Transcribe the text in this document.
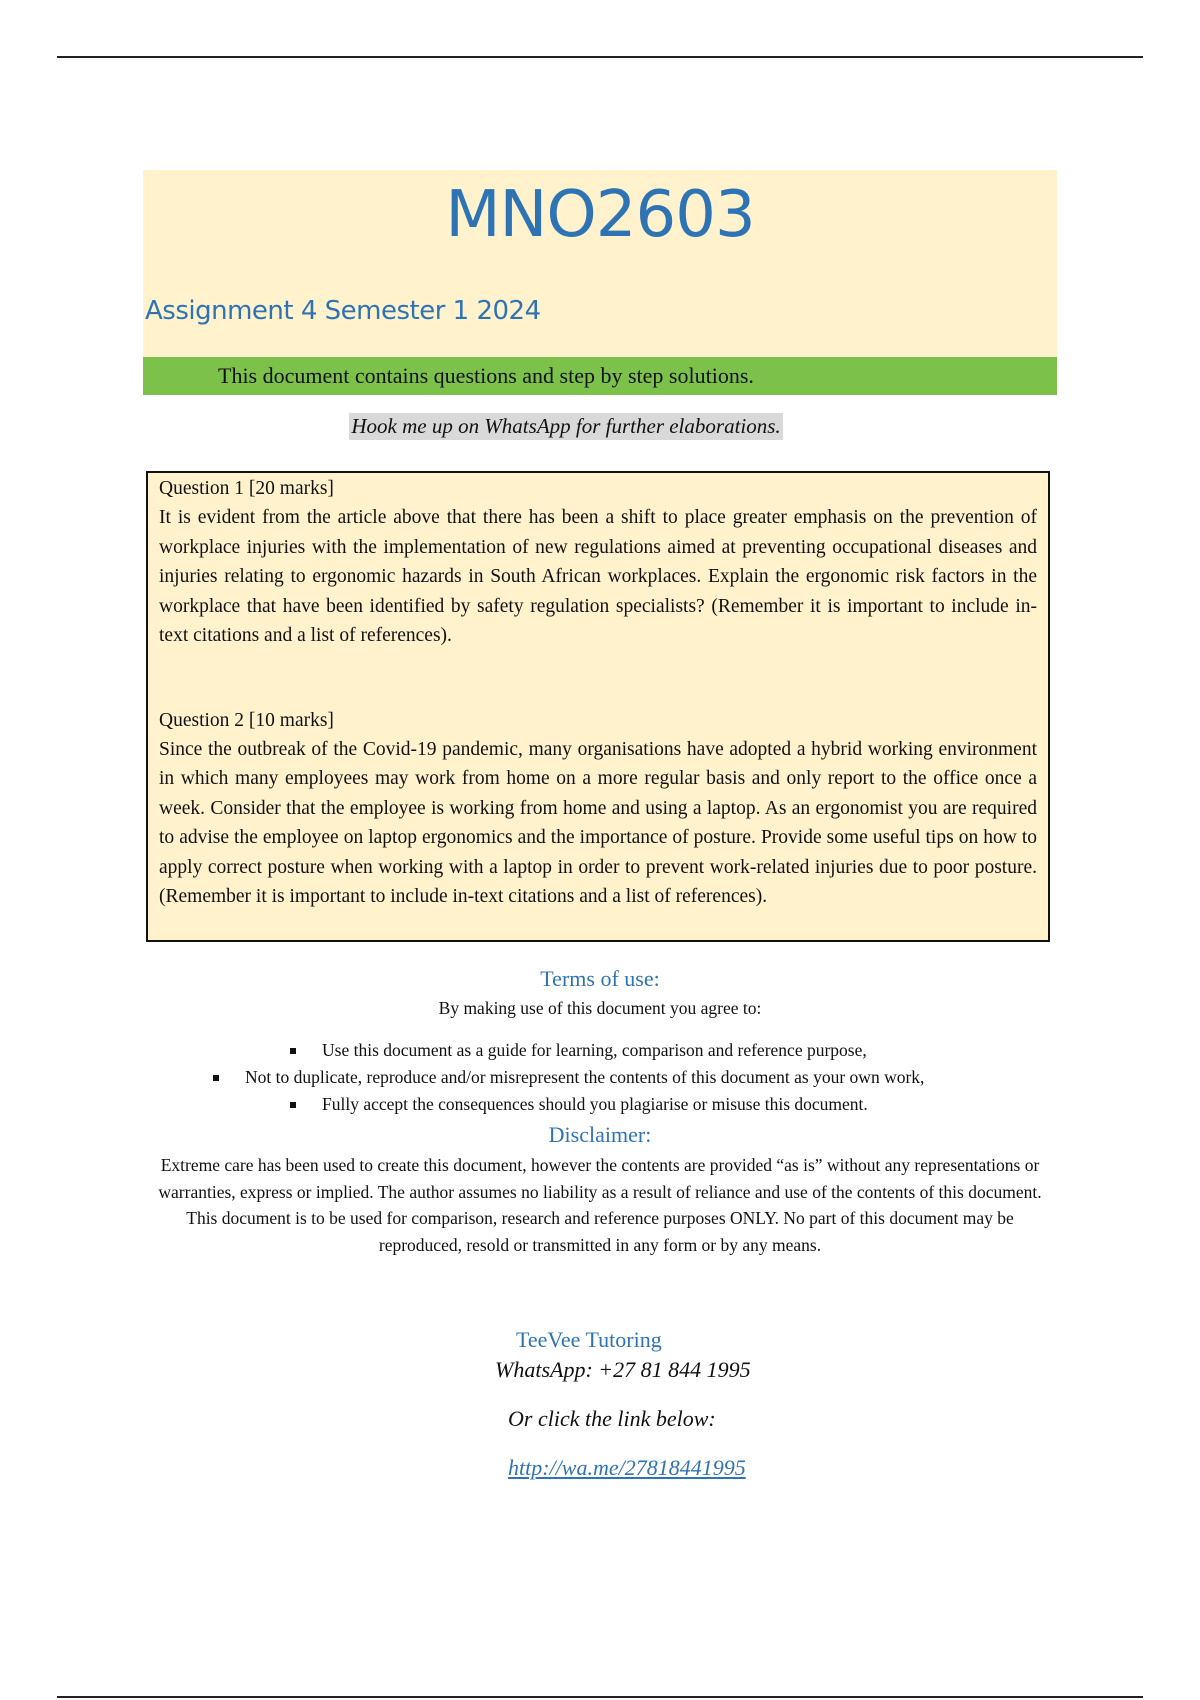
MNO2603
Assignment 4 Semester 1 2024
This document contains questions and step by step solutions.
Hook me up on WhatsApp for further elaborations.
Question 1 [20 marks]

It is evident from the article above that there has been a shift to place greater emphasis on the prevention of workplace injuries with the implementation of new regulations aimed at preventing occupational diseases and injuries relating to ergonomic hazards in South African workplaces. Explain the ergonomic risk factors in the workplace that have been identified by safety regulation specialists? (Remember it is important to include in-text citations and a list of references).

Question 2 [10 marks]

Since the outbreak of the Covid-19 pandemic, many organisations have adopted a hybrid working environment in which many employees may work from home on a more regular basis and only report to the office once a week. Consider that the employee is working from home and using a laptop. As an ergonomist you are required to advise the employee on laptop ergonomics and the importance of posture. Provide some useful tips on how to apply correct posture when working with a laptop in order to prevent work-related injuries due to poor posture. (Remember it is important to include in-text citations and a list of references).

Terms of use:
By making use of this document you agree to:
Use this document as a guide for learning, comparison and reference purpose,
Not to duplicate, reproduce and/or misrepresent the contents of this document as your own work,
Fully accept the consequences should you plagiarise or misuse this document.
Disclaimer:

Extreme care has been used to create this document, however the contents are provided “as is” without any representations or warranties, express or implied. The author assumes no liability as a result of reliance and use of the contents of this document. This document is to be used for comparison, research and reference purposes ONLY. No part of this document may be reproduced, resold or transmitted in any form or by any means.

TeeVee Tutoring
WhatsApp: +27 81 844 1995
Or click the link below:
http://wa.me/27818441995
